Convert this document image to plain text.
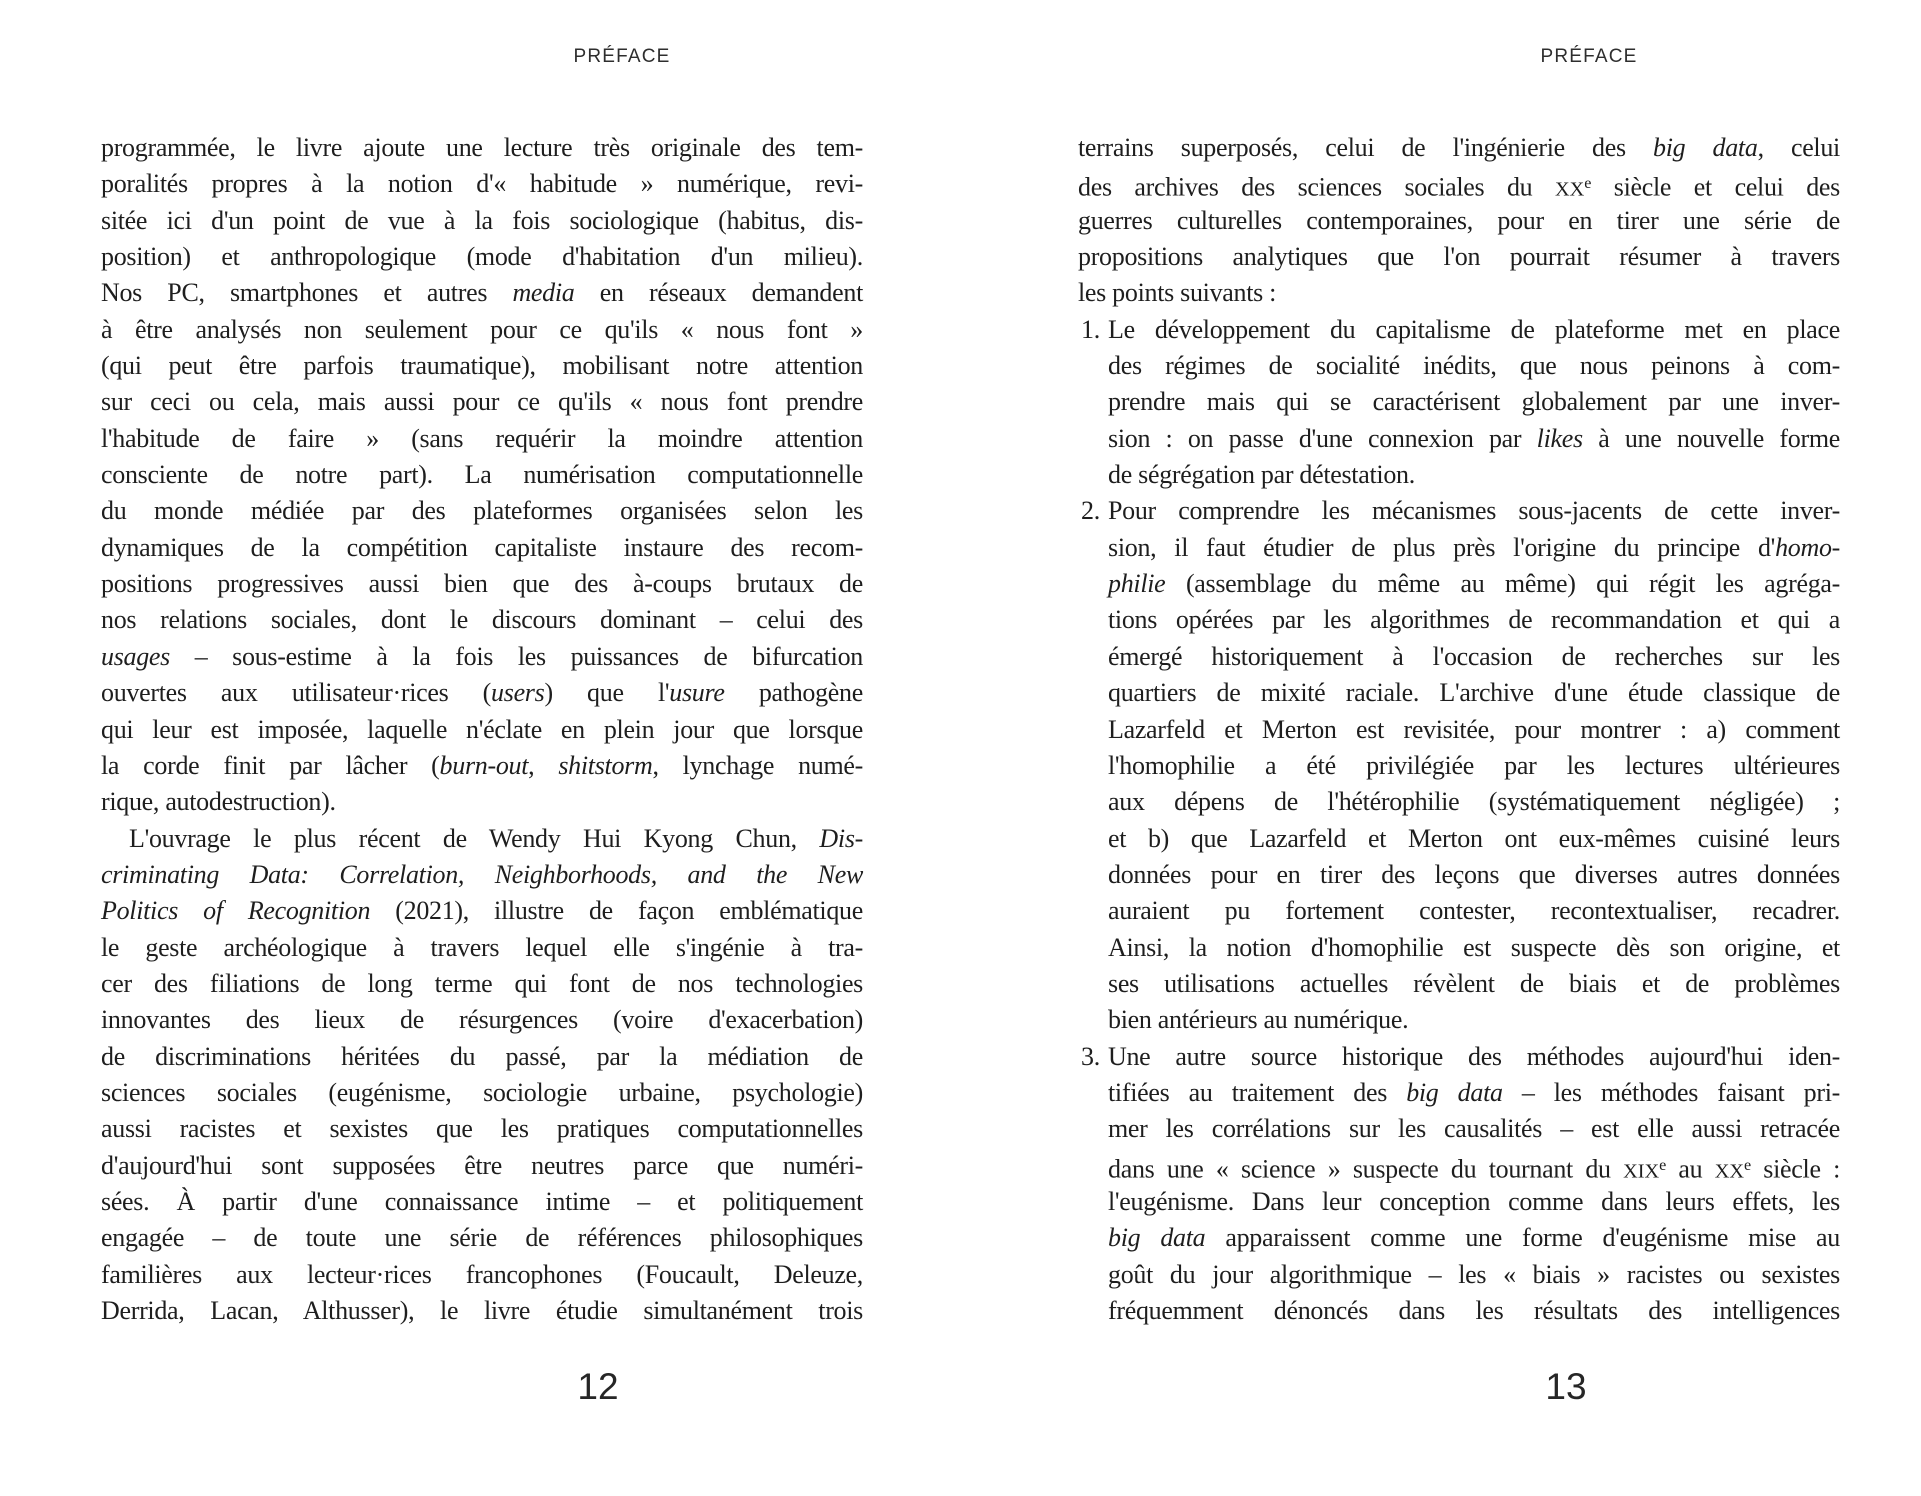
PRÉFACE	PRÉFACE
programmée, le livre ajoute une lecture très originale des tem-
poralités propres à la notion d'« habitude » numérique, revi-
sitée ici d'un point de vue à la fois sociologique (habitus, dis-
position) et anthropologique (mode d'habitation d'un milieu).
Nos PC, smartphones et autres media en réseaux demandent
à être analysés non seulement pour ce qu'ils « nous font »
(qui peut être parfois traumatique), mobilisant notre attention
sur ceci ou cela, mais aussi pour ce qu'ils « nous font prendre
l'habitude de faire » (sans requérir la moindre attention
consciente de notre part). La numérisation computationnelle
du monde médiée par des plateformes organisées selon les
dynamiques de la compétition capitaliste instaure des recom-
positions progressives aussi bien que des à-coups brutaux de
nos relations sociales, dont le discours dominant – celui des
usages – sous-estime à la fois les puissances de bifurcation
ouvertes aux utilisateur·rices (users) que l'usure pathogène
qui leur est imposée, laquelle n'éclate en plein jour que lorsque
la corde finit par lâcher (burn-out, shitstorm, lynchage numé-
rique, autodestruction).
L'ouvrage le plus récent de Wendy Hui Kyong Chun, Dis-
criminating Data: Correlation, Neighborhoods, and the New
Politics of Recognition (2021), illustre de façon emblématique
le geste archéologique à travers lequel elle s'ingénie à tra-
cer des filiations de long terme qui font de nos technologies
innovantes des lieux de résurgences (voire d'exacerbation)
de discriminations héritées du passé, par la médiation de
sciences sociales (eugénisme, sociologie urbaine, psychologie)
aussi racistes et sexistes que les pratiques computationnelles
d'aujourd'hui sont supposées être neutres parce que numéri-
sées. À partir d'une connaissance intime – et politiquement
engagée – de toute une série de références philosophiques
familières aux lecteur·rices francophones (Foucault, Deleuze,
Derrida, Lacan, Althusser), le livre étudie simultanément trois
terrains superposés, celui de l'ingénierie des big data, celui
des archives des sciences sociales du XXe siècle et celui des
guerres culturelles contemporaines, pour en tirer une série de
propositions analytiques que l'on pourrait résumer à travers
les points suivants :
1. Le développement du capitalisme de plateforme met en place
des régimes de socialité inédits, que nous peinons à com-
prendre mais qui se caractérisent globalement par une inver-
sion : on passe d'une connexion par likes à une nouvelle forme
de ségrégation par détestation.
2. Pour comprendre les mécanismes sous-jacents de cette inver-
sion, il faut étudier de plus près l'origine du principe d'homo-
philie (assemblage du même au même) qui régit les agréga-
tions opérées par les algorithmes de recommandation et qui a
émergé historiquement à l'occasion de recherches sur les
quartiers de mixité raciale. L'archive d'une étude classique de
Lazarfeld et Merton est revisitée, pour montrer : a) comment
l'homophilie a été privilégiée par les lectures ultérieures
aux dépens de l'hétérophilie (systématiquement négligée) ;
et b) que Lazarfeld et Merton ont eux-mêmes cuisiné leurs
données pour en tirer des leçons que diverses autres données
auraient pu fortement contester, recontextualiser, recadrer.
Ainsi, la notion d'homophilie est suspecte dès son origine, et
ses utilisations actuelles révèlent de biais et de problèmes
bien antérieurs au numérique.
3. Une autre source historique des méthodes aujourd'hui iden-
tifiées au traitement des big data – les méthodes faisant pri-
mer les corrélations sur les causalités – est elle aussi retracée
dans une « science » suspecte du tournant du XIXe au XXe siècle :
l'eugénisme. Dans leur conception comme dans leurs effets, les
big data apparaissent comme une forme d'eugénisme mise au
goût du jour algorithmique – les « biais » racistes ou sexistes
fréquemment dénoncés dans les résultats des intelligences
12	13
